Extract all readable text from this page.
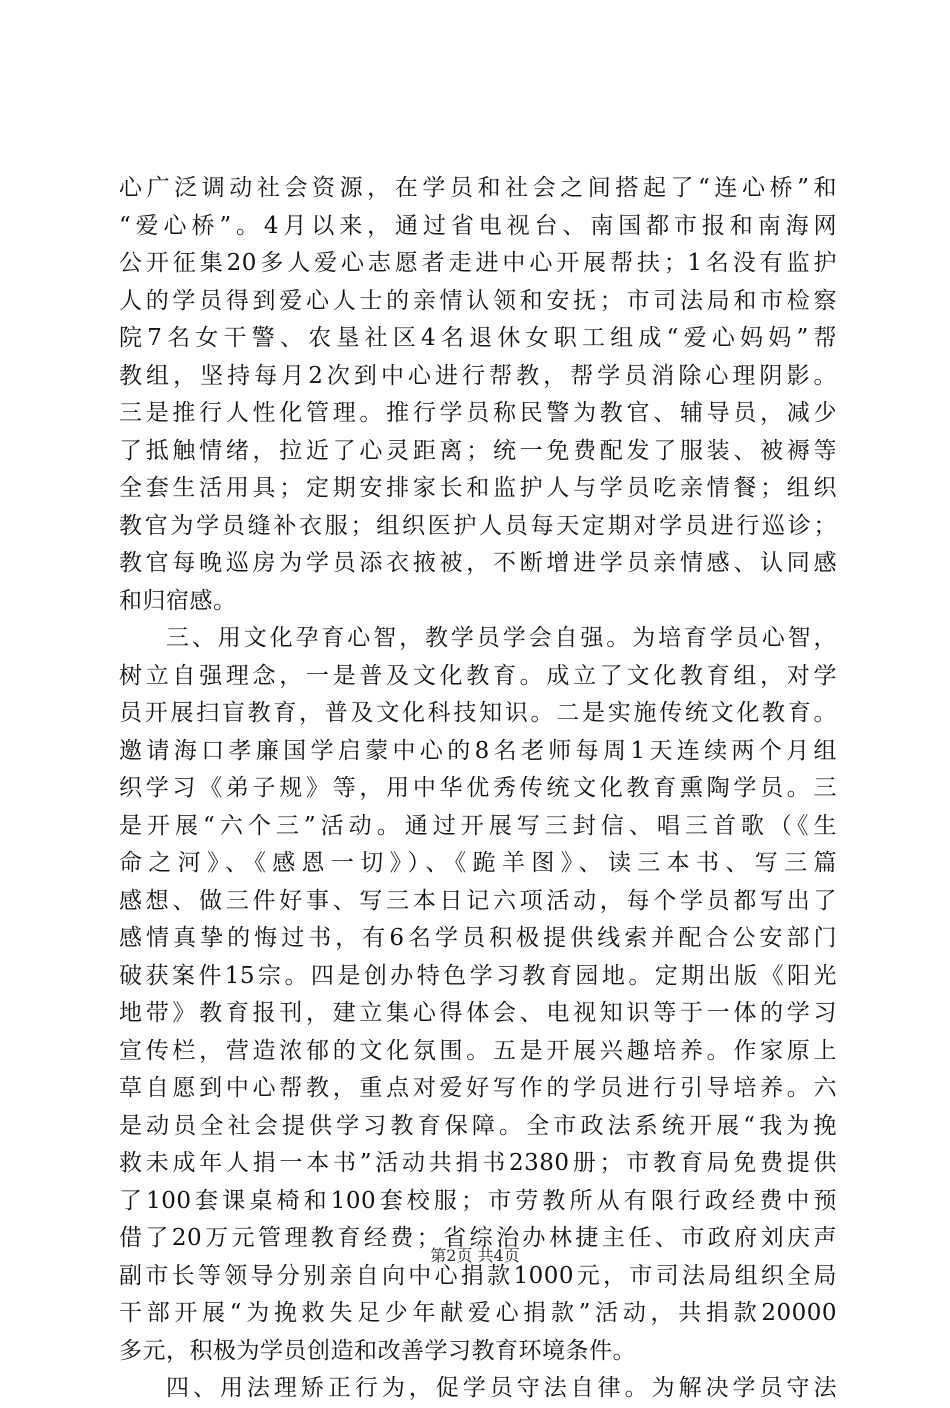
心广泛调动社会资源，在学员和社会之间搭起了“连心桥”和
“爱心桥”。4月以来，通过省电视台、南国都市报和南海网
公开征集20多人爱心志愿者走进中心开展帮扶；1名没有监护
人的学员得到爱心人士的亲情认领和安抚；市司法局和市检察
院7名女干警、农垦社区4名退休女职工组成“爱心妈妈”帮
教组，坚持每月2次到中心进行帮教，帮学员消除心理阴影。
三是推行人性化管理。推行学员称民警为教官、辅导员，减少
了抵触情绪，拉近了心灵距离；统一免费配发了服装、被褥等
全套生活用具；定期安排家长和监护人与学员吃亲情餐；组织
教官为学员缝补衣服；组织医护人员每天定期对学员进行巡诊；
教官每晚巡房为学员添衣掖被，不断增进学员亲情感、认同感
和归宿感。
三、用文化孕育心智，教学员学会自强。为培育学员心智，
树立自强理念，一是普及文化教育。成立了文化教育组，对学
员开展扫盲教育，普及文化科技知识。二是实施传统文化教育。
邀请海口孝廉国学启蒙中心的8名老师每周1天连续两个月组
织学习《弟子规》等，用中华优秀传统文化教育熏陶学员。三
是开展“六个三”活动。通过开展写三封信、唱三首歌（《生
命之河》、《感恩一切》）、《跪羊图》、读三本书、写三篇
感想、做三件好事、写三本日记六项活动，每个学员都写出了
感情真挚的悔过书，有6名学员积极提供线索并配合公安部门
破获案件15宗。四是创办特色学习教育园地。定期出版《阳光
地带》教育报刊，建立集心得体会、电视知识等于一体的学习
宣传栏，营造浓郁的文化氛围。五是开展兴趣培养。作家原上
草自愿到中心帮教，重点对爱好写作的学员进行引导培养。六
是动员全社会提供学习教育保障。全市政法系统开展“我为挽
救未成年人捐一本书”活动共捐书2380册；市教育局免费提供
了100套课桌椅和100套校服；市劳教所从有限行政经费中预
借了20万元管理教育经费；省综治办林捷主任、市政府刘庆声
副市长等领导分别亲自向中心捐款1000元，市司法局组织全局
干部开展“为挽救失足少年献爱心捐款”活动，共捐款20000
多元，积极为学员创造和改善学习教育环境条件。
四、用法理矫正行为，促学员守法自律。为解决学员守法
第2页 共4页
